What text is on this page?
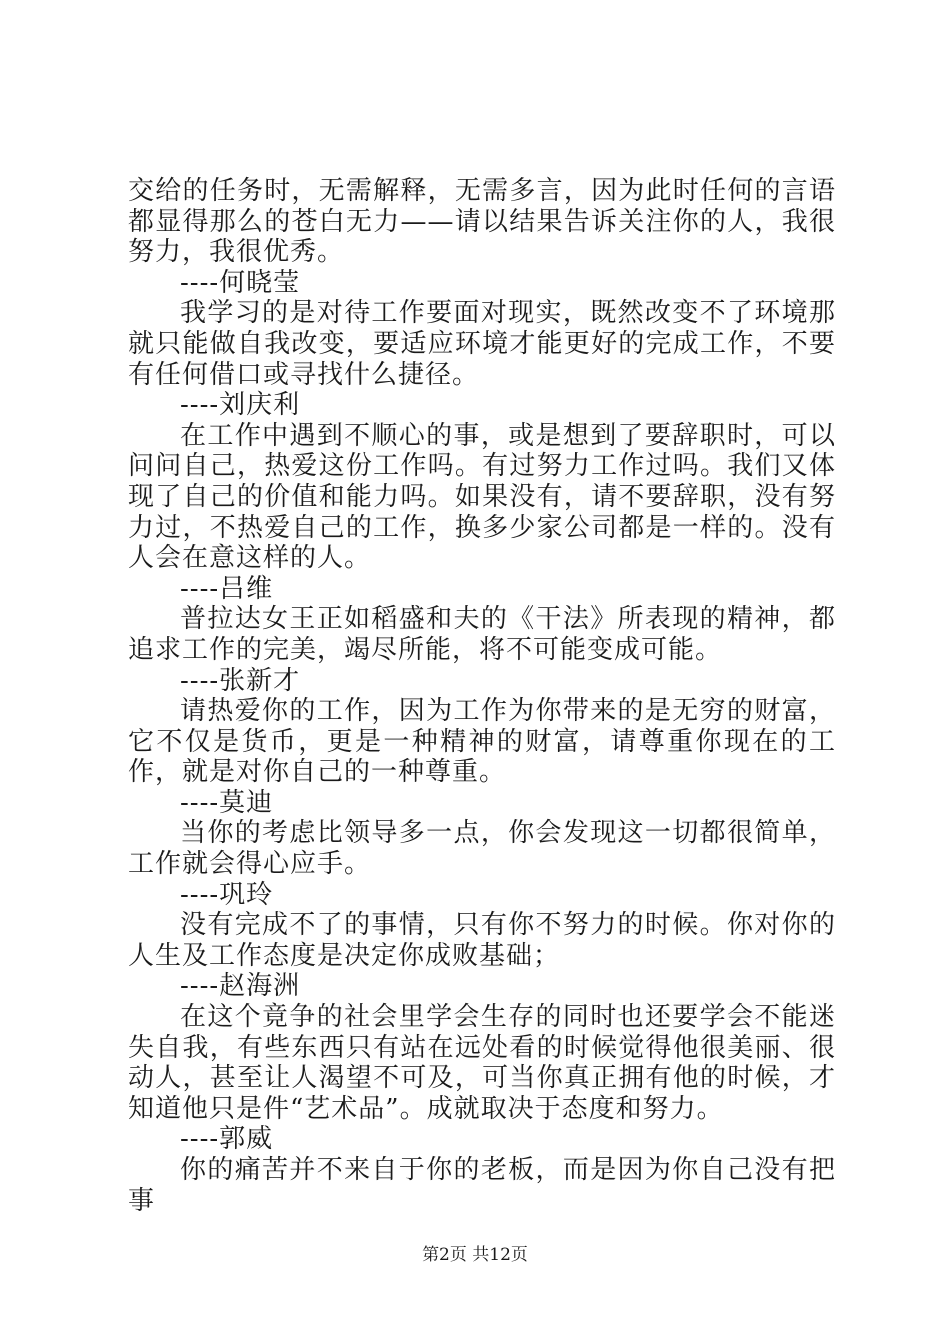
交给的任务时，无需解释，无需多言，因为此时任何的言语都显得那么的苍白无力——请以结果告诉关注你的人，我很努力，我很优秀。

----何晓莹

我学习的是对待工作要面对现实，既然改变不了环境那就只能做自我改变，要适应环境才能更好的完成工作，不要有任何借口或寻找什么捷径。

----刘庆利

在工作中遇到不顺心的事，或是想到了要辞职时，可以问问自己，热爱这份工作吗。有过努力工作过吗。我们又体现了自己的价值和能力吗。如果没有，请不要辞职，没有努力过，不热爱自己的工作，换多少家公司都是一样的。没有人会在意这样的人。

----吕维

普拉达女王正如稻盛和夫的《干法》所表现的精神，都追求工作的完美，竭尽所能，将不可能变成可能。

----张新才

请热爱你的工作，因为工作为你带来的是无穷的财富，它不仅是货币，更是一种精神的财富，请尊重你现在的工作，就是对你自己的一种尊重。

----莫迪

当你的考虑比领导多一点，你会发现这一切都很简单，工作就会得心应手。

----巩玲

没有完成不了的事情，只有你不努力的时候。你对你的人生及工作态度是决定你成败基础；

----赵海洲

在这个竟争的社会里学会生存的同时也还要学会不能迷失自我，有些东西只有站在远处看的时候觉得他很美丽、很动人，甚至让人渴望不可及，可当你真正拥有他的时候，才知道他只是件“艺术品”。成就取决于态度和努力。

----郭威

你的痛苦并不来自于你的老板，而是因为你自己没有把事

第2页 共12页
